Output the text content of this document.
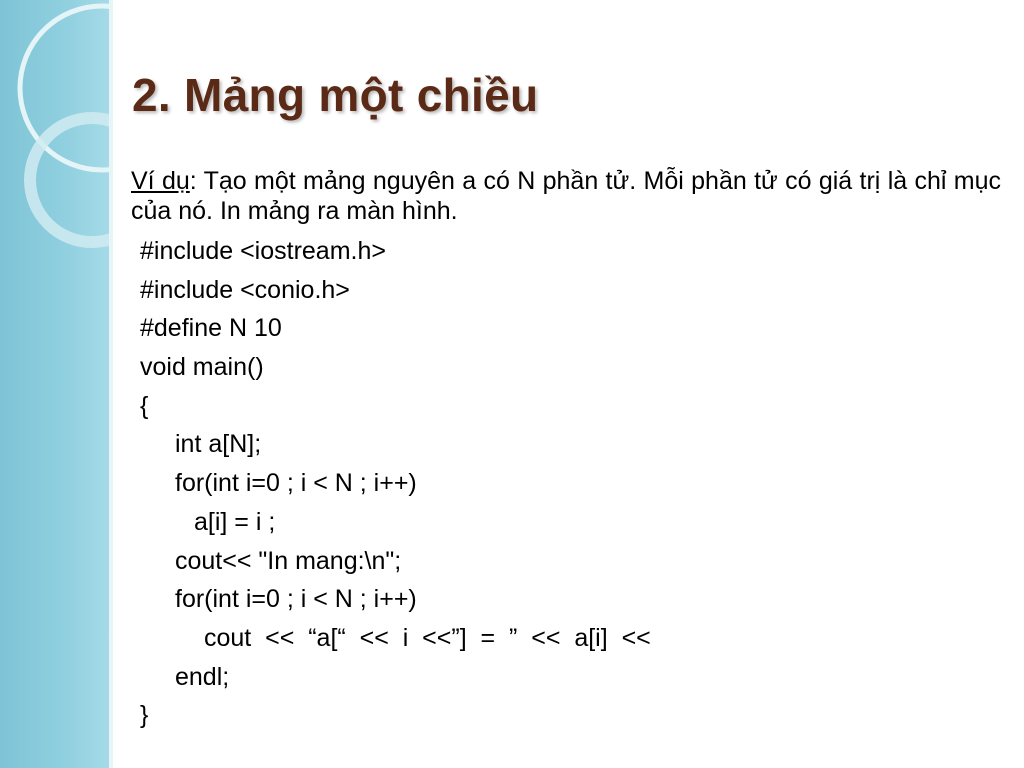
2. Mảng một chiều

Ví dụ: Tạo một mảng nguyên a có N phần tử. Mỗi phần tử có giá trị là chỉ mục của nó. In mảng ra màn hình.

#include <iostream.h>
#include <conio.h>
#define N 10
void main()
{
int a[N];
for(int i=0 ; i < N ; i++)
a[i] = i ;
cout<< "In mang:\n";
for(int i=0 ; i < N ; i++)
cout  <<  “a[“  <<  i  <<”]  =  ”  <<  a[i]  <<
endl;
}
